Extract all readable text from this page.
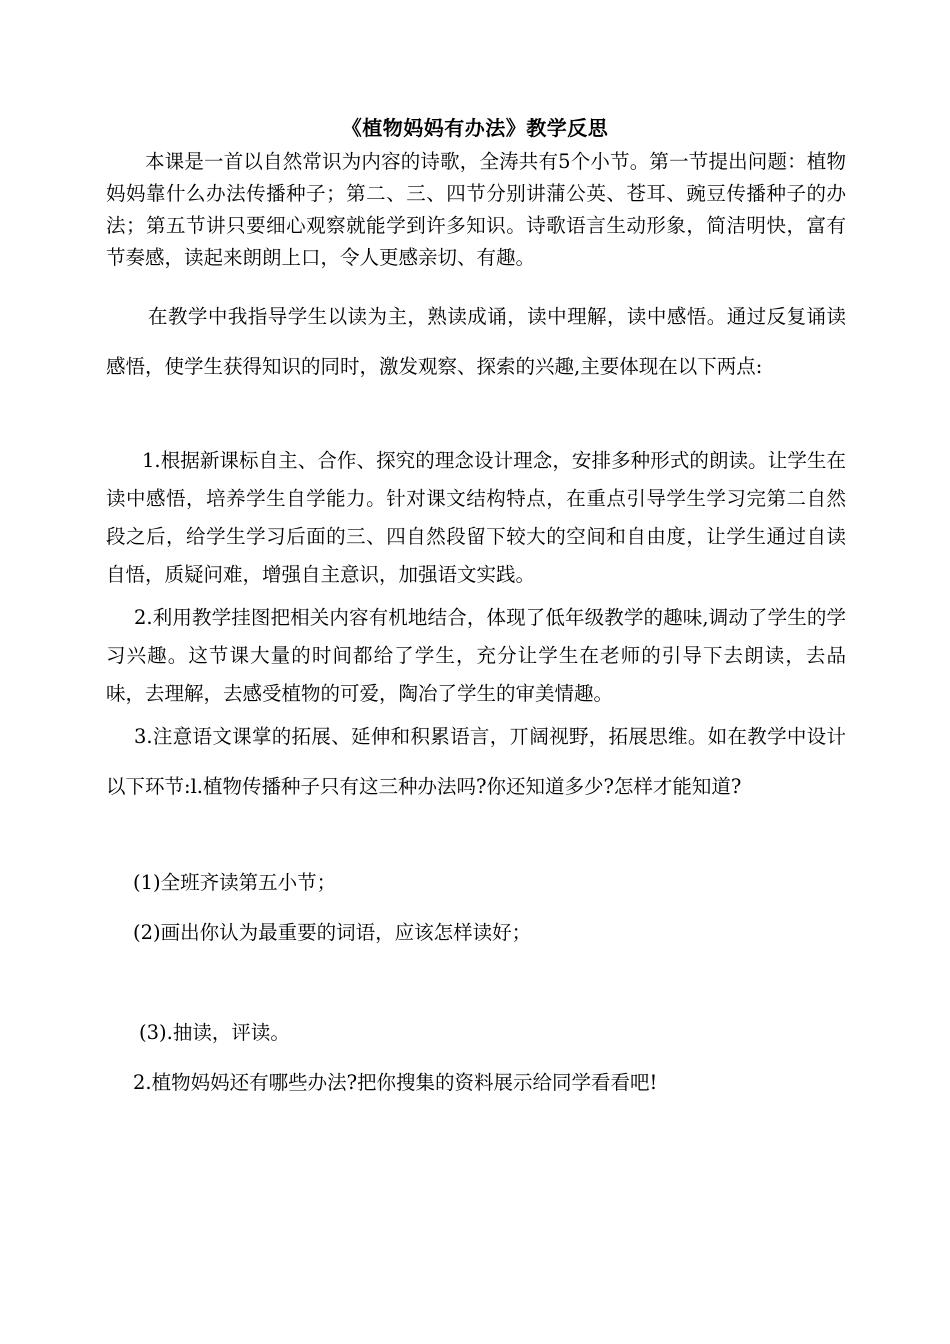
《植物妈妈有办法》教学反思
本课是一首以自然常识为内容的诗歌，全涛共有5个小节。第一节提出问题：植物妈妈靠什么办法传播种子；第二、三、四节分别讲蒲公英、苍耳、豌豆传播种子的办法；第五节讲只要细心观察就能学到许多知识。诗歌语言生动形象，简洁明快，富有节奏感，读起来朗朗上口，令人更感亲切、有趣。
在教学中我指导学生以读为主，熟读成诵，读中理解，读中感悟。通过反复诵读感悟，使学生获得知识的同时，激发观察、探索的兴趣,主要体现在以下两点:
1.根据新课标自主、合作、探究的理念设计理念，安排多种形式的朗读。让学生在读中感悟，培养学生自学能力。针对课文结构特点，在重点引导学生学习完第二自然段之后，给学生学习后面的三、四自然段留下较大的空间和自由度，让学生通过自读自悟，质疑问难，增强自主意识，加强语文实践。
2.利用教学挂图把相关内容有机地结合，体现了低年级教学的趣味,调动了学生的学习兴趣。这节课大量的时间都给了学生，充分让学生在老师的引导下去朗读，去品味，去理解，去感受植物的可爱，陶冶了学生的审美情趣。
3.注意语文课掌的拓展、延伸和积累语言，丌阔视野，拓展思维。如在教学中设计以下环节:l.植物传播种子只有这三种办法吗?你还知道多少?怎样才能知道?
(1)全班齐读第五小节；
(2)画出你认为最重要的词语，应该怎样读好；
(3).抽读，评读。
2.植物妈妈还有哪些办法?把你搜集的资料展示给同学看看吧!
